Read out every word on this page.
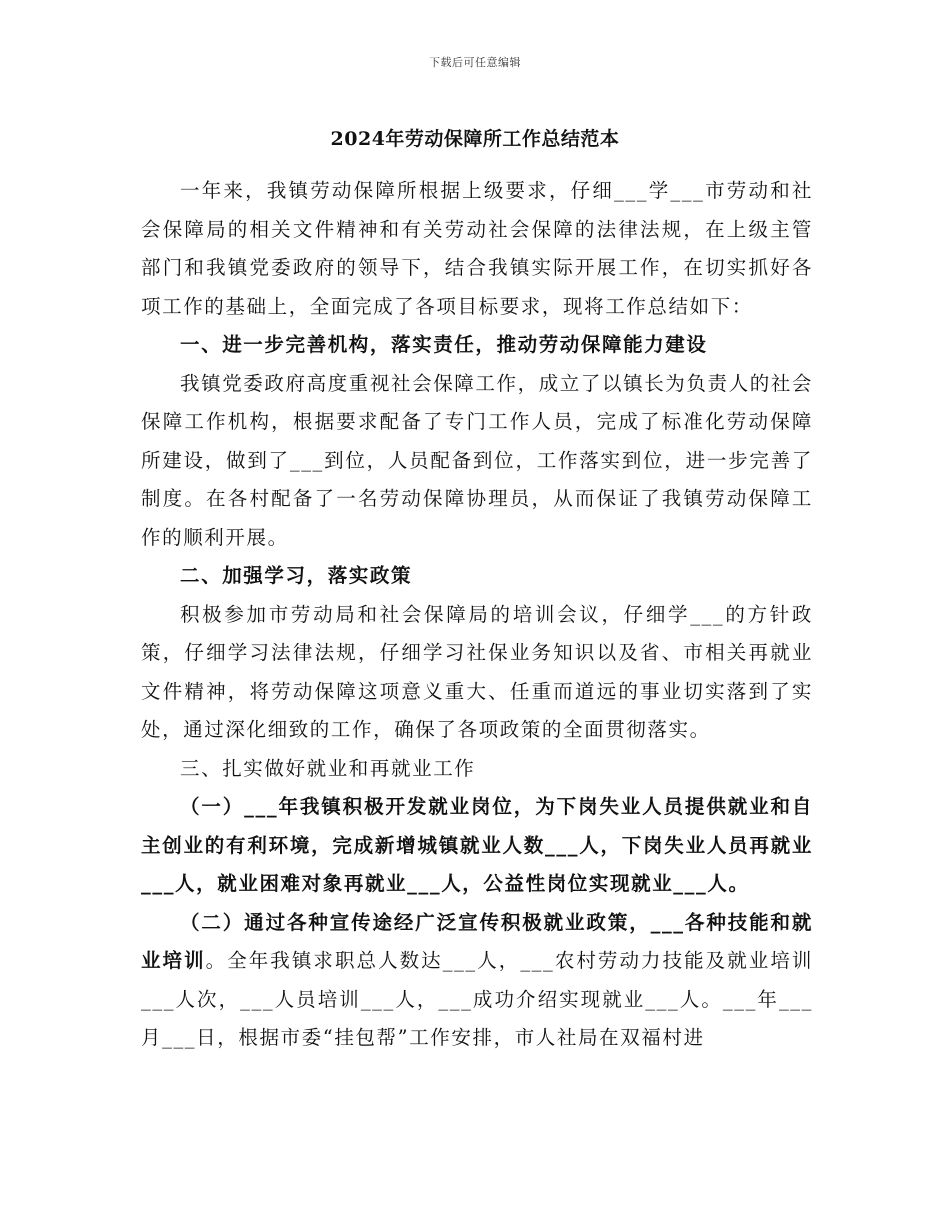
下载后可任意编辑
2024年劳动保障所工作总结范本

一年来，我镇劳动保障所根据上级要求，仔细___学___市劳动和社会保障局的相关文件精神和有关劳动社会保障的法律法规，在上级主管部门和我镇党委政府的领导下，结合我镇实际开展工作，在切实抓好各项工作的基础上，全面完成了各项目标要求，现将工作总结如下：

一、进一步完善机构，落实责任，推动劳动保障能力建设

我镇党委政府高度重视社会保障工作，成立了以镇长为负责人的社会保障工作机构，根据要求配备了专门工作人员，完成了标准化劳动保障所建设，做到了___到位，人员配备到位，工作落实到位，进一步完善了制度。在各村配备了一名劳动保障协理员，从而保证了我镇劳动保障工作的顺利开展。

二、加强学习，落实政策

积极参加市劳动局和社会保障局的培训会议，仔细学___的方针政策，仔细学习法律法规，仔细学习社保业务知识以及省、市相关再就业文件精神，将劳动保障这项意义重大、任重而道远的事业切实落到了实处，通过深化细致的工作，确保了各项政策的全面贯彻落实。

三、扎实做好就业和再就业工作

（一）___年我镇积极开发就业岗位，为下岗失业人员提供就业和自主创业的有利环境，完成新增城镇就业人数___人，下岗失业人员再就业___人，就业困难对象再就业___人，公益性岗位实现就业___人。

（二）通过各种宣传途经广泛宣传积极就业政策，___各种技能和就业培训。全年我镇求职总人数达___人，___农村劳动力技能及就业培训___人次，___人员培训___人，___成功介绍实现就业___人。___年___月___日，根据市委“挂包帮”工作安排，市人社局在双福村进
